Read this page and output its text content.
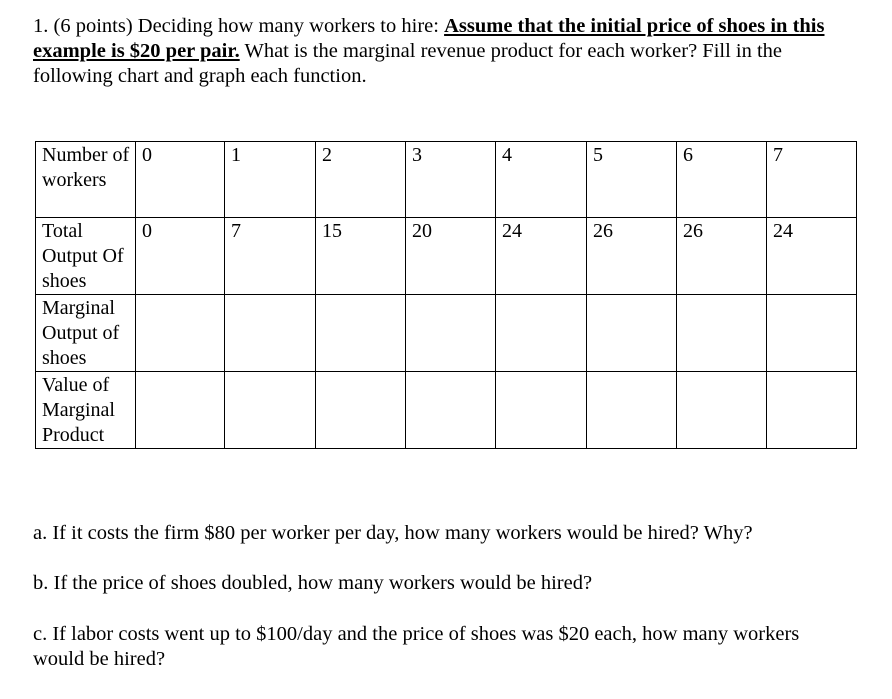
1. (6 points) Deciding how many workers to hire: Assume that the initial price of shoes in this example is $20 per pair. What is the marginal revenue product for each worker? Fill in the following chart and graph each function.
Number of workers	0	1	2	3	4	5	6	7
Total Output Of shoes	0	7	15	20	24	26	26	24
Marginal Output of shoes								
Value of Marginal Product								
a. If it costs the firm $80 per worker per day, how many workers would be hired? Why?
b. If the price of shoes doubled, how many workers would be hired?
c. If labor costs went up to $100/day and the price of shoes was $20 each, how many workers would be hired?
